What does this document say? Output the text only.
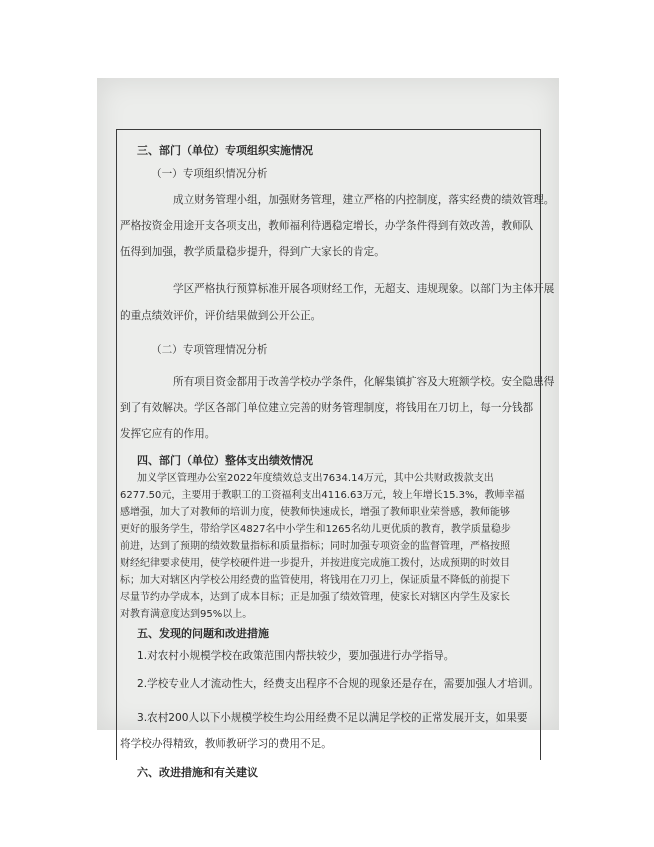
三、部门（单位）专项组织实施情况
（一）专项组织情况分析
成立财务管理小组，加强财务管理，建立严格的内控制度，落实经费的绩效管理。
严格按资金用途开支各项支出，教师福利待遇稳定增长，办学条件得到有效改善，教师队
伍得到加强，教学质量稳步提升，得到广大家长的肯定。
学区严格执行预算标准开展各项财经工作，无超支、违规现象。以部门为主体开展
的重点绩效评价，评价结果做到公开公正。
（二）专项管理情况分析
所有项目资金都用于改善学校办学条件，化解集镇扩容及大班额学校。安全隐患得
到了有效解决。学区各部门单位建立完善的财务管理制度，将钱用在刀切上，每一分钱都
发挥它应有的作用。
四、部门（单位）整体支出绩效情况
加义学区管理办公室2022年度绩效总支出7634.14万元，其中公共财政拨款支出
6277.50元，主要用于教职工的工资福利支出4116.63万元，较上年增长15.3%，教师幸福
感增强，加大了对教师的培训力度，使教师快速成长，增强了教师职业荣誉感，教师能够
更好的服务学生，带给学区4827名中小学生和1265名幼儿更优质的教育，教学质量稳步
前进，达到了预期的绩效数量指标和质量指标；同时加强专项资金的监督管理，严格按照
财经纪律要求使用，使学校硬件进一步提升，并按进度完成施工拨付，达成预期的时效目
标；加大对辖区内学校公用经费的监管使用，将钱用在刀刃上，保证质量不降低的前提下
尽量节约办学成本，达到了成本目标；正是加强了绩效管理，使家长对辖区内学生及家长
对教育满意度达到95%以上。
五、发现的问题和改进措施
1.对农村小规模学校在政策范围内帮扶较少，要加强进行办学指导。
2.学校专业人才流动性大，经费支出程序不合规的现象还是存在，需要加强人才培训。
3.农村200人以下小规模学校生均公用经费不足以满足学校的正常发展开支，如果要
将学校办得精致，教师教研学习的费用不足。
六、改进措施和有关建议
